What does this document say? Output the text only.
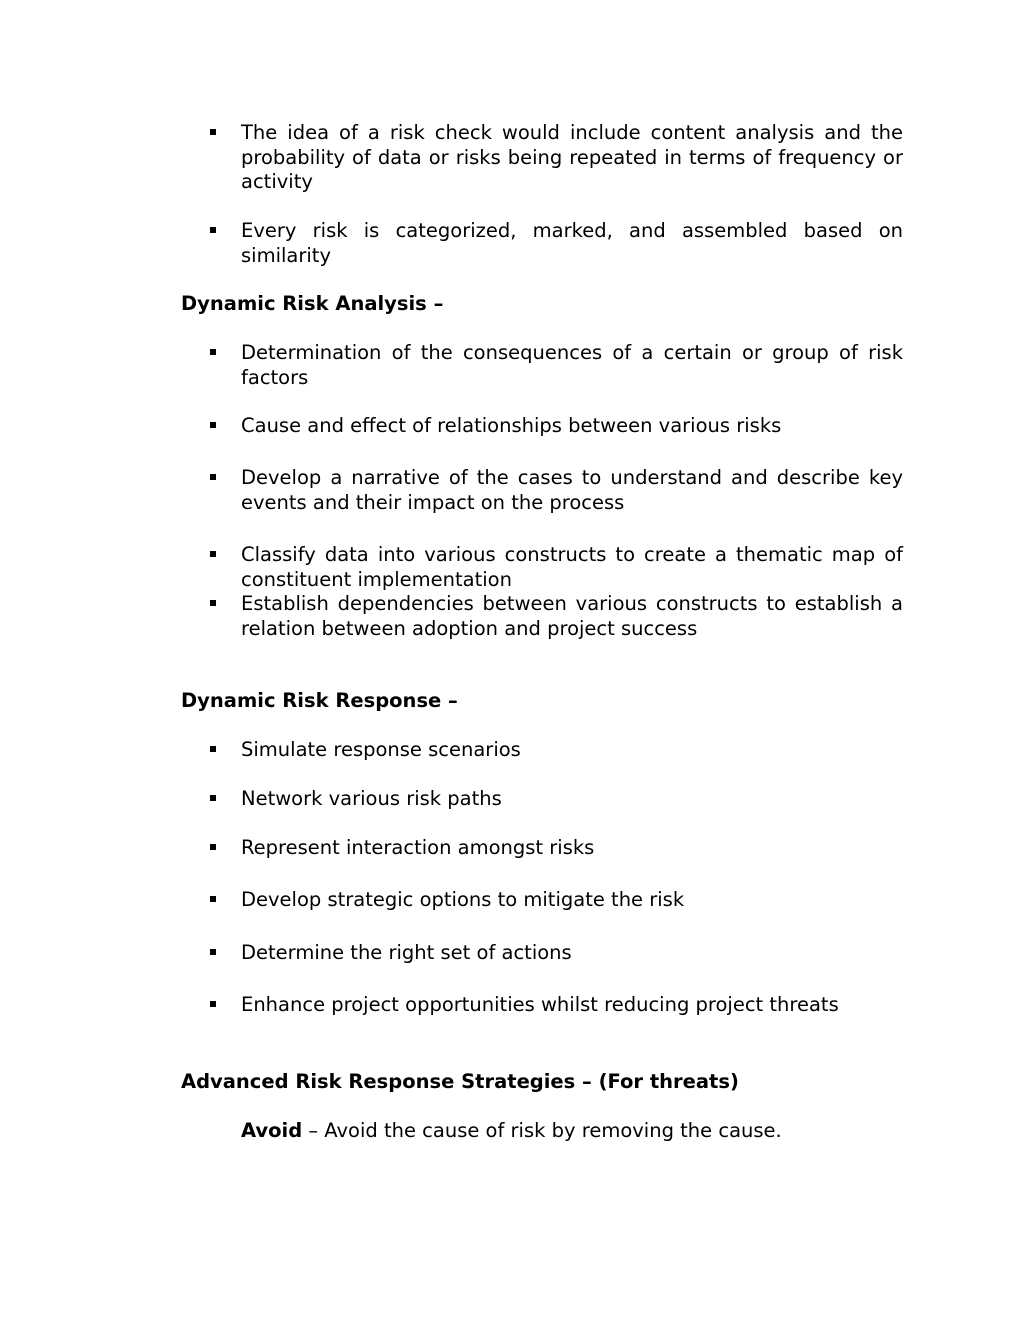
The idea of a risk check would include content analysis and the probability of data or risks being repeated in terms of frequency or activity
Every risk is categorized, marked, and assembled based on similarity
Dynamic Risk Analysis –
Determination of the consequences of a certain or group of risk factors
Cause and effect of relationships between various risks
Develop a narrative of the cases to understand and describe key events and their impact on the process
Classify data into various constructs to create a thematic map of constituent implementation
Establish dependencies between various constructs to establish a relation between adoption and project success
Dynamic Risk Response –
Simulate response scenarios
Network various risk paths
Represent interaction amongst risks
Develop strategic options to mitigate the risk
Determine the right set of actions
Enhance project opportunities whilst reducing project threats
Advanced Risk Response Strategies – (For threats)
Avoid – Avoid the cause of risk by removing the cause.
